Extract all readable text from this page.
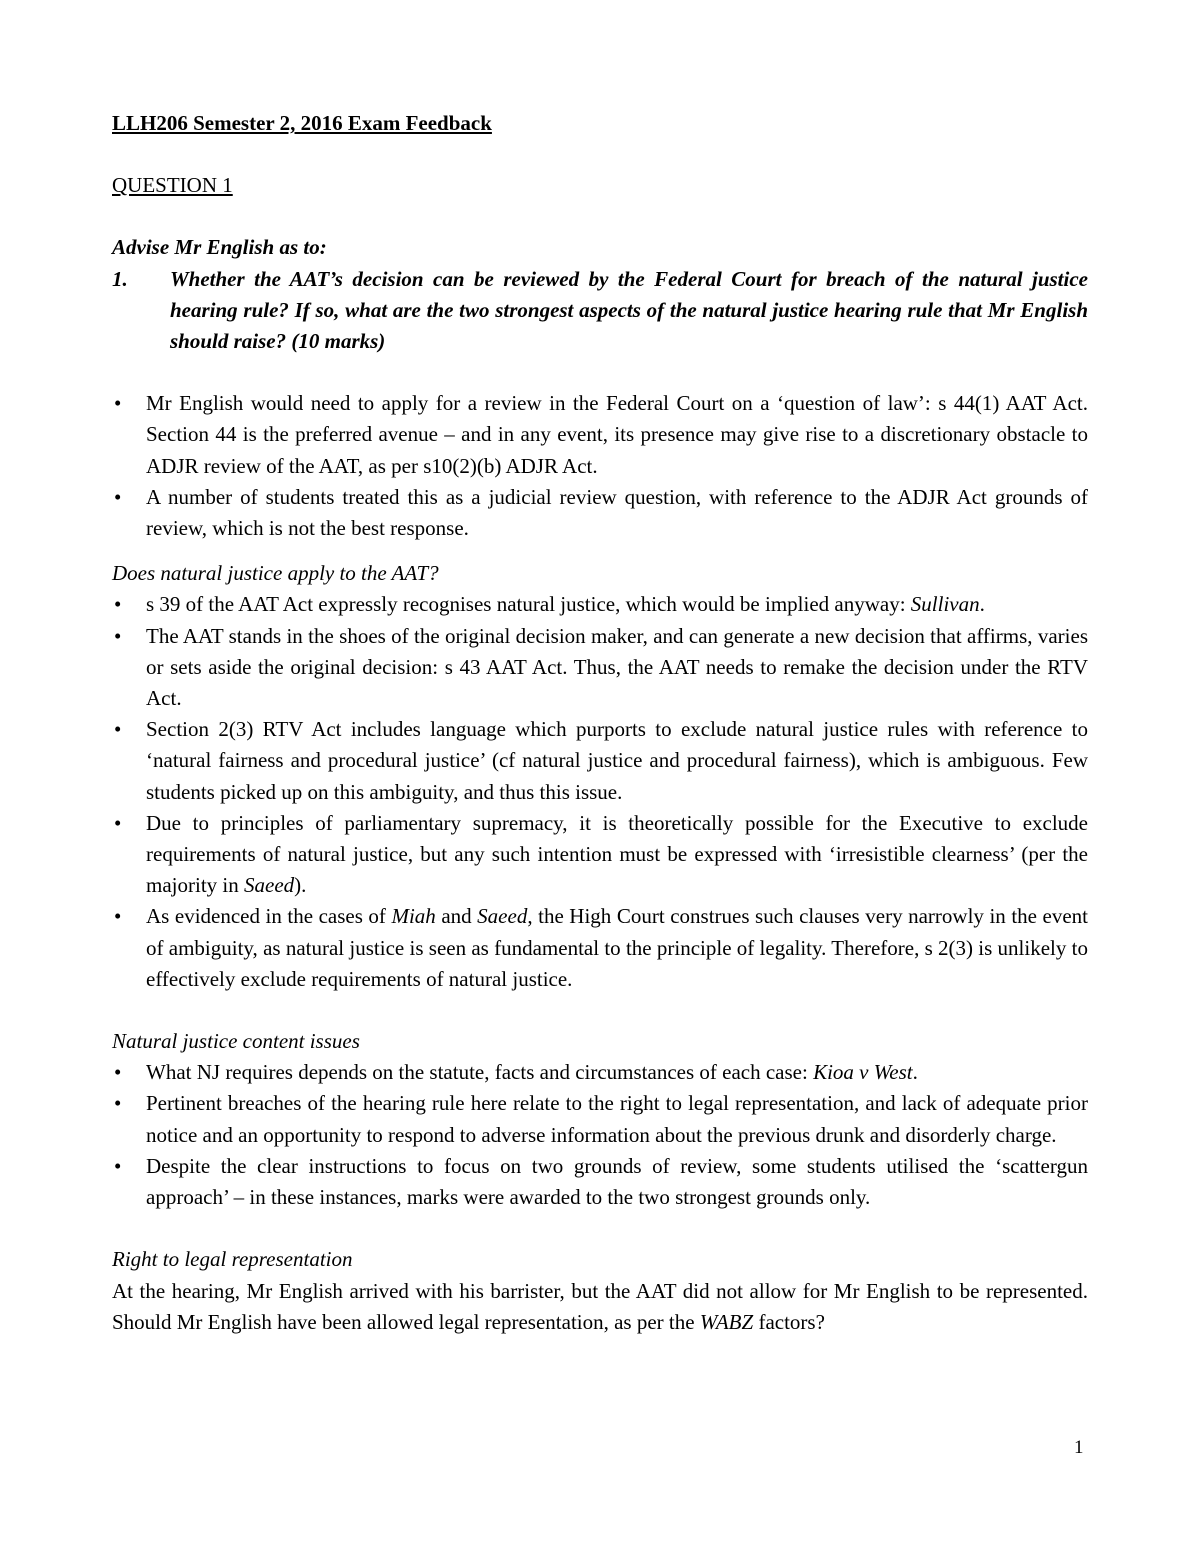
LLH206 Semester 2, 2016 Exam Feedback

QUESTION 1

Advise Mr English as to:

1.	Whether the AAT’s decision can be reviewed by the Federal Court for breach of the natural justice hearing rule? If so, what are the two strongest aspects of the natural justice hearing rule that Mr English should raise? (10 marks)
•	Mr English would need to apply for a review in the Federal Court on a ‘question of law’: s 44(1) AAT Act. Section 44 is the preferred avenue – and in any event, its presence may give rise to a discretionary obstacle to ADJR review of the AAT, as per s10(2)(b) ADJR Act.
•	A number of students treated this as a judicial review question, with reference to the ADJR Act grounds of review, which is not the best response.

Does natural justice apply to the AAT?

•	s 39 of the AAT Act expressly recognises natural justice, which would be implied anyway: Sullivan.
•	The AAT stands in the shoes of the original decision maker, and can generate a new decision that affirms, varies or sets aside the original decision: s 43 AAT Act. Thus, the AAT needs to remake the decision under the RTV Act.
•	Section 2(3) RTV Act includes language which purports to exclude natural justice rules with reference to ‘natural fairness and procedural justice’ (cf natural justice and procedural fairness), which is ambiguous. Few students picked up on this ambiguity, and thus this issue.
•	Due to principles of parliamentary supremacy, it is theoretically possible for the Executive to exclude requirements of natural justice, but any such intention must be expressed with ‘irresistible clearness’ (per the majority in Saeed).
•	As evidenced in the cases of Miah and Saeed, the High Court construes such clauses very narrowly in the event of ambiguity, as natural justice is seen as fundamental to the principle of legality. Therefore, s 2(3) is unlikely to effectively exclude requirements of natural justice.

Natural justice content issues

•	What NJ requires depends on the statute, facts and circumstances of each case: Kioa v West.
•	Pertinent breaches of the hearing rule here relate to the right to legal representation, and lack of adequate prior notice and an opportunity to respond to adverse information about the previous drunk and disorderly charge.
•	Despite the clear instructions to focus on two grounds of review, some students utilised the ‘scattergun approach’ – in these instances, marks were awarded to the two strongest grounds only.

Right to legal representation

At the hearing, Mr English arrived with his barrister, but the AAT did not allow for Mr English to be represented. Should Mr English have been allowed legal representation, as per the WABZ factors?

1
